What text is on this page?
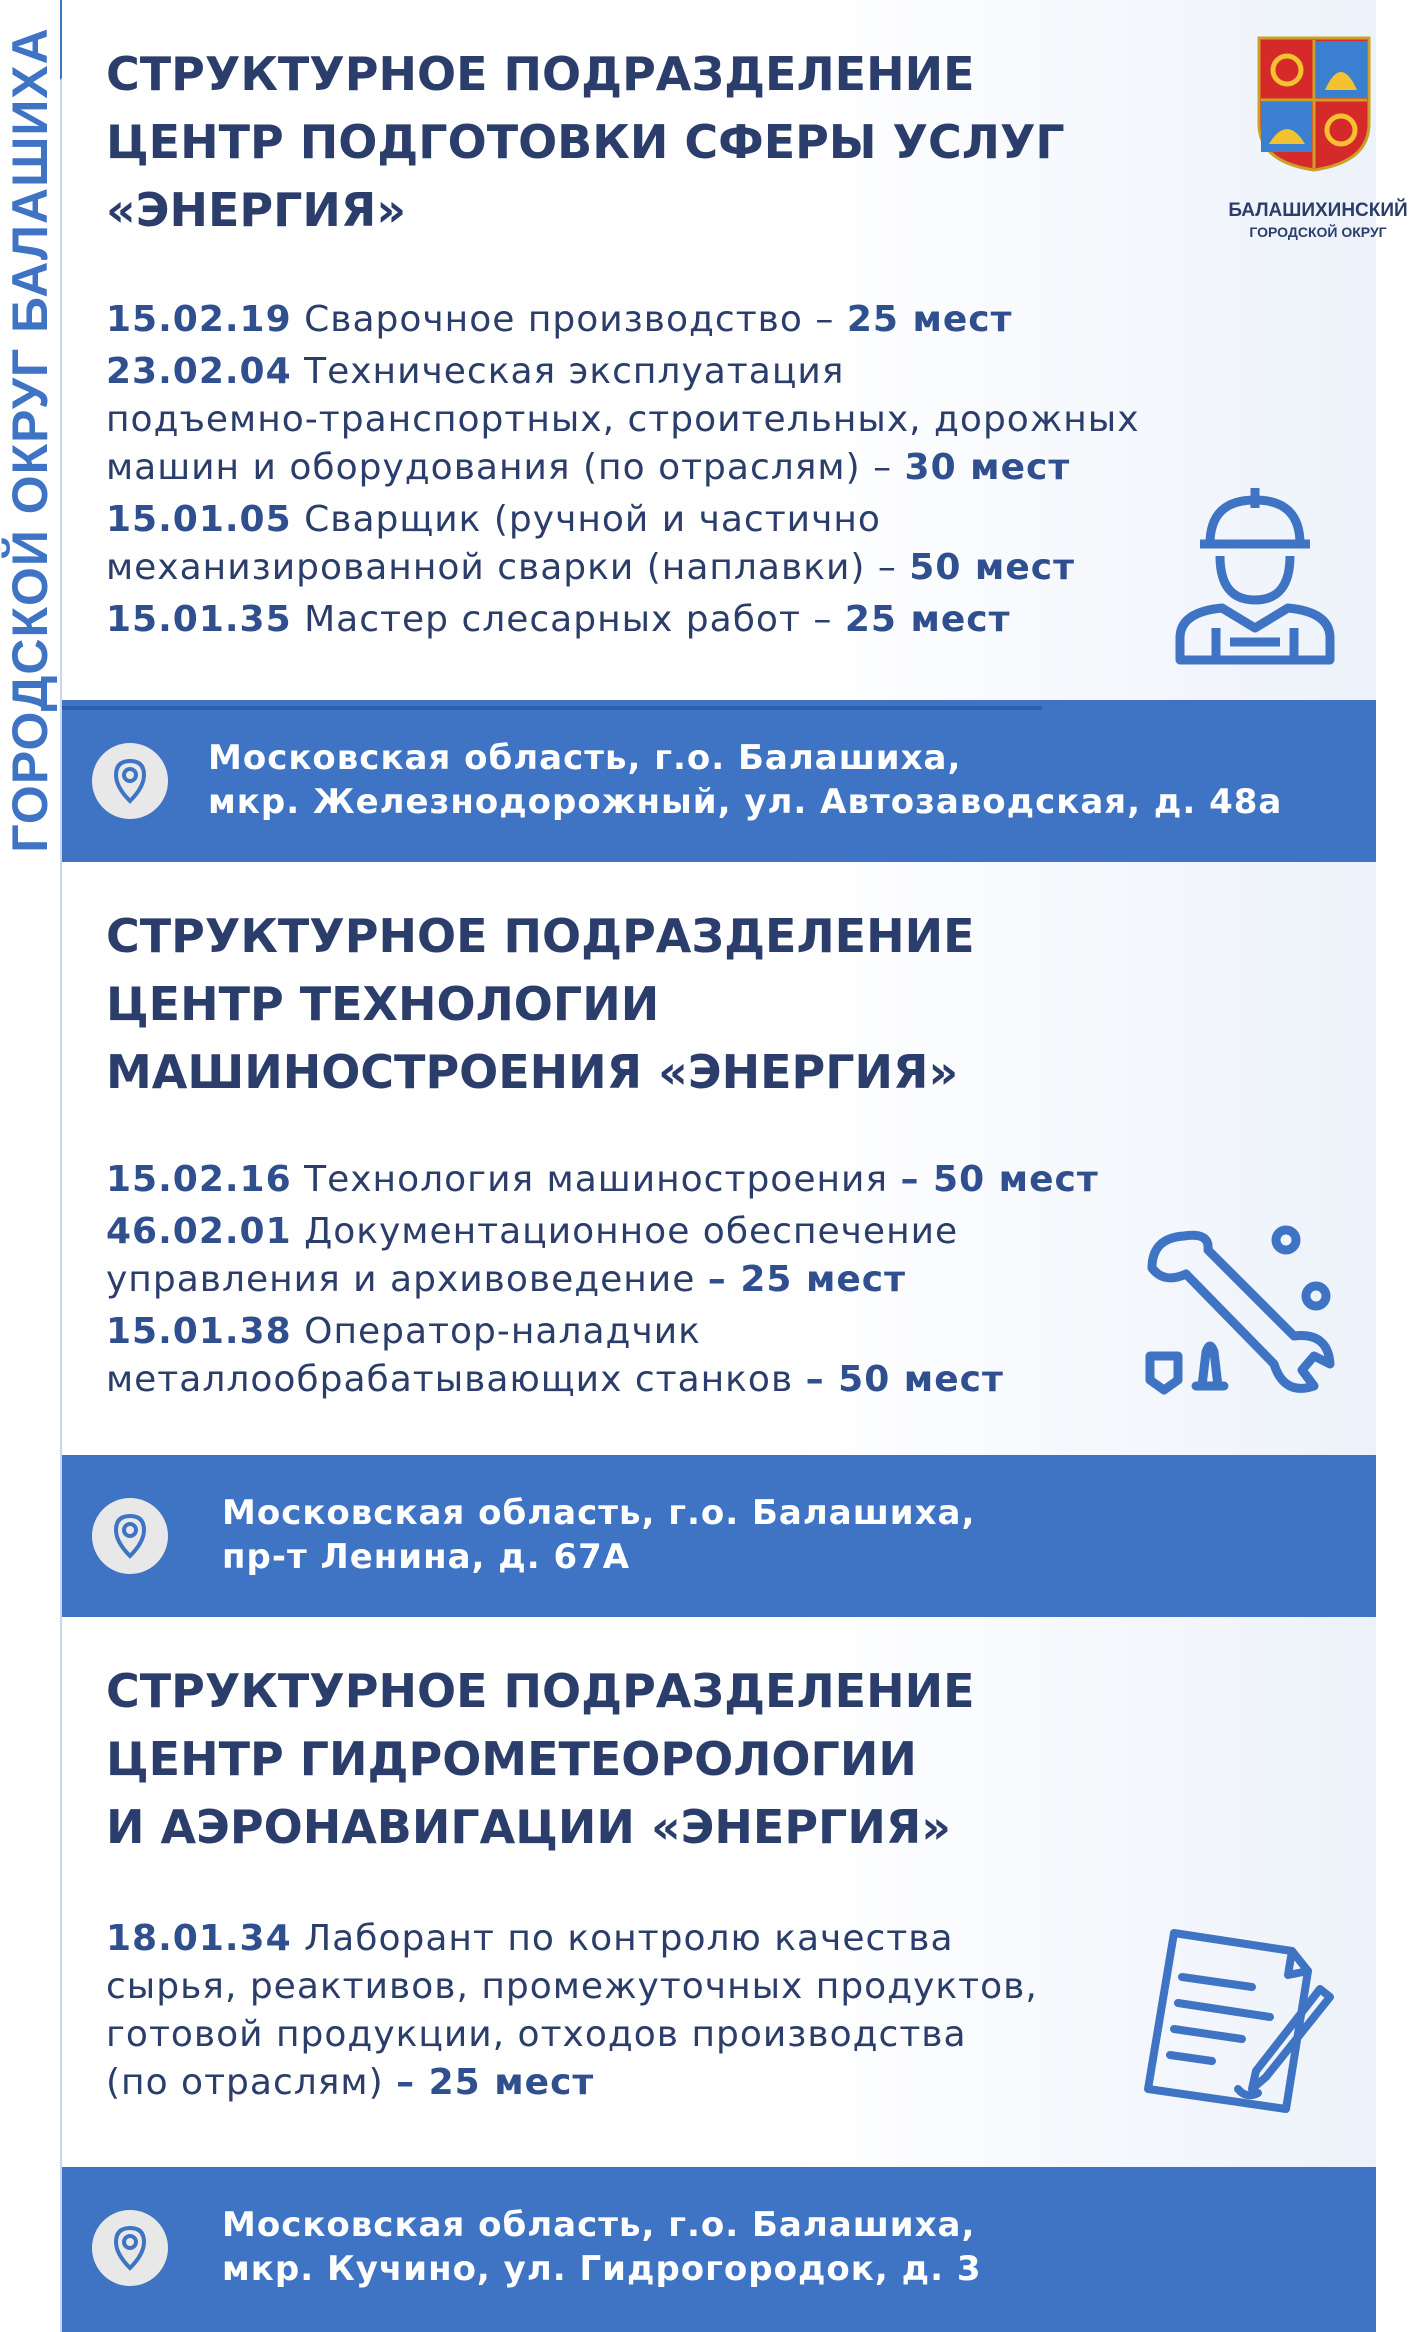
ГОРОДСКОЙ ОКРУГ БАЛАШИХА СТРУКТУРНОЕ ПОДРАЗДЕЛЕНИЕ
ЦЕНТР ПОДГОТОВКИ СФЕРЫ УСЛУГ
«ЭНЕРГИЯ»	БАЛАШИХИНСКИЙ
ГОРОДСКОЙ ОКРУГ
15.02.19 Сварочное производство – 25 мест
23.02.04 Техническая эксплуатация
подъемно-транспортных, строительных, дорожных
машин и оборудования (по отраслям) – 30 мест
15.01.05 Сварщик (ручной и частично
механизированной сварки (наплавки) – 50 мест
15.01.35 Мастер слесарных работ – 25 мест
Московская область, г.о. Балашиха,
мкр. Железнодорожный, ул. Автозаводская, д. 48а
СТРУКТУРНОЕ ПОДРАЗДЕЛЕНИЕ
ЦЕНТР ТЕХНОЛОГИИ
МАШИНОСТРОЕНИЯ «ЭНЕРГИЯ»
15.02.16 Технология машиностроения – 50 мест
46.02.01 Документационное обеспечение
управления и архивоведение – 25 мест
15.01.38 Оператор-наладчик
металлообрабатывающих станков – 50 мест
Московская область, г.о. Балашиха,
пр-т Ленина, д. 67А
СТРУКТУРНОЕ ПОДРАЗДЕЛЕНИЕ
ЦЕНТР ГИДРОМЕТЕОРОЛОГИИ
И АЭРОНАВИГАЦИИ «ЭНЕРГИЯ»
18.01.34 Лаборант по контролю качества
сырья, реактивов, промежуточных продуктов,
готовой продукции, отходов производства
(по отраслям) – 25 мест
Московская область, г.о. Балашиха,
мкр. Кучино, ул. Гидрогородок, д. 3
